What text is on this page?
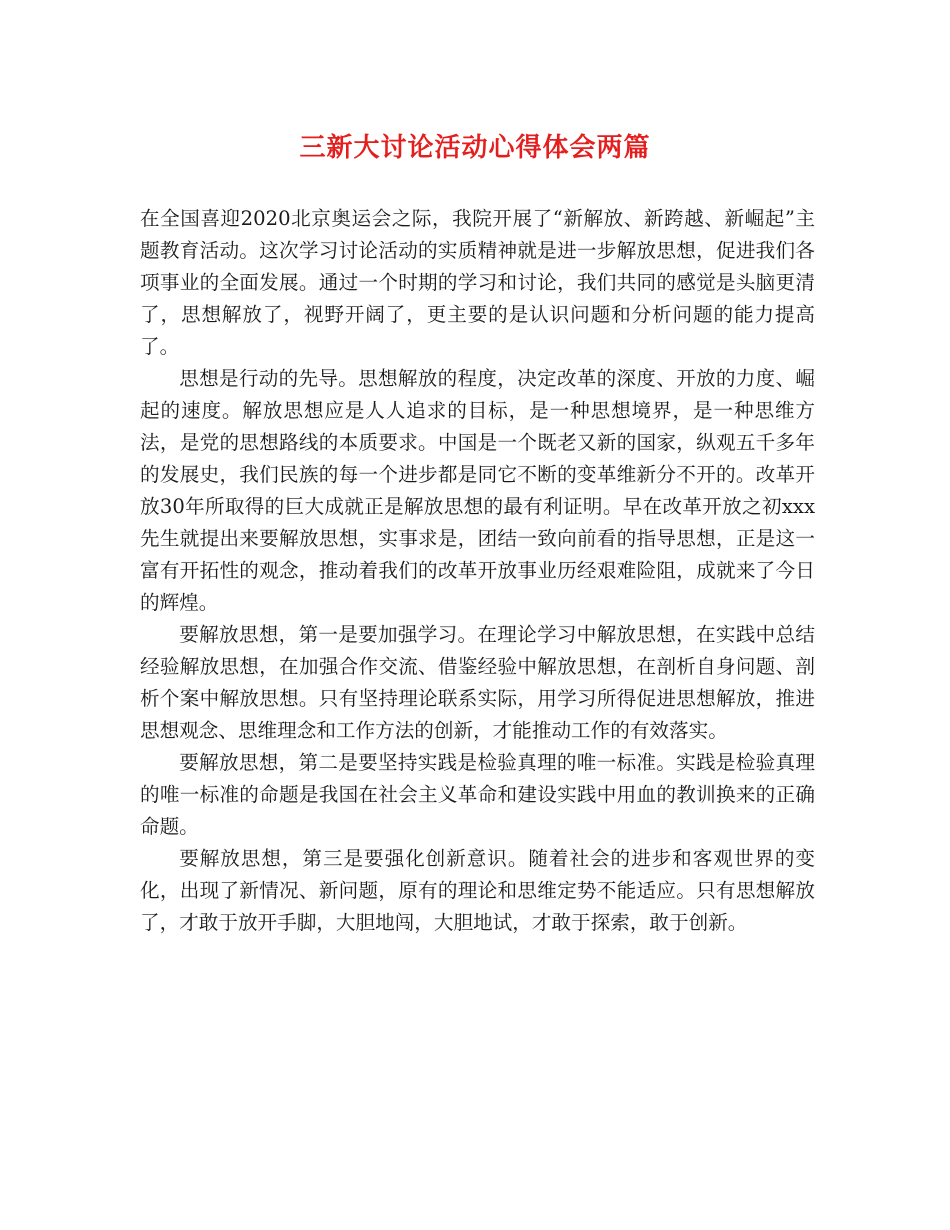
三新大讨论活动心得体会两篇

在全国喜迎2020北京奥运会之际，我院开展了“新解放、新跨越、新崛起”主题教育活动。这次学习讨论活动的实质精神就是进一步解放思想，促进我们各项事业的全面发展。通过一个时期的学习和讨论，我们共同的感觉是头脑更清了，思想解放了，视野开阔了，更主要的是认识问题和分析问题的能力提高了。

思想是行动的先导。思想解放的程度，决定改革的深度、开放的力度、崛起的速度。解放思想应是人人追求的目标，是一种思想境界，是一种思维方法，是党的思想路线的本质要求。中国是一个既老又新的国家，纵观五千多年的发展史，我们民族的每一个进步都是同它不断的变革维新分不开的。改革开放30年所取得的巨大成就正是解放思想的最有利证明。早在改革开放之初xxx先生就提出来要解放思想，实事求是，团结一致向前看的指导思想，正是这一富有开拓性的观念，推动着我们的改革开放事业历经艰难险阻，成就来了今日的辉煌。

要解放思想，第一是要加强学习。在理论学习中解放思想，在实践中总结经验解放思想，在加强合作交流、借鉴经验中解放思想，在剖析自身问题、剖析个案中解放思想。只有坚持理论联系实际，用学习所得促进思想解放，推进思想观念、思维理念和工作方法的创新，才能推动工作的有效落实。

要解放思想，第二是要坚持实践是检验真理的唯一标准。实践是检验真理的唯一标准的命题是我国在社会主义革命和建设实践中用血的教训换来的正确命题。

要解放思想，第三是要强化创新意识。随着社会的进步和客观世界的变化，出现了新情况、新问题，原有的理论和思维定势不能适应。只有思想解放了，才敢于放开手脚，大胆地闯，大胆地试，才敢于探索，敢于创新。
